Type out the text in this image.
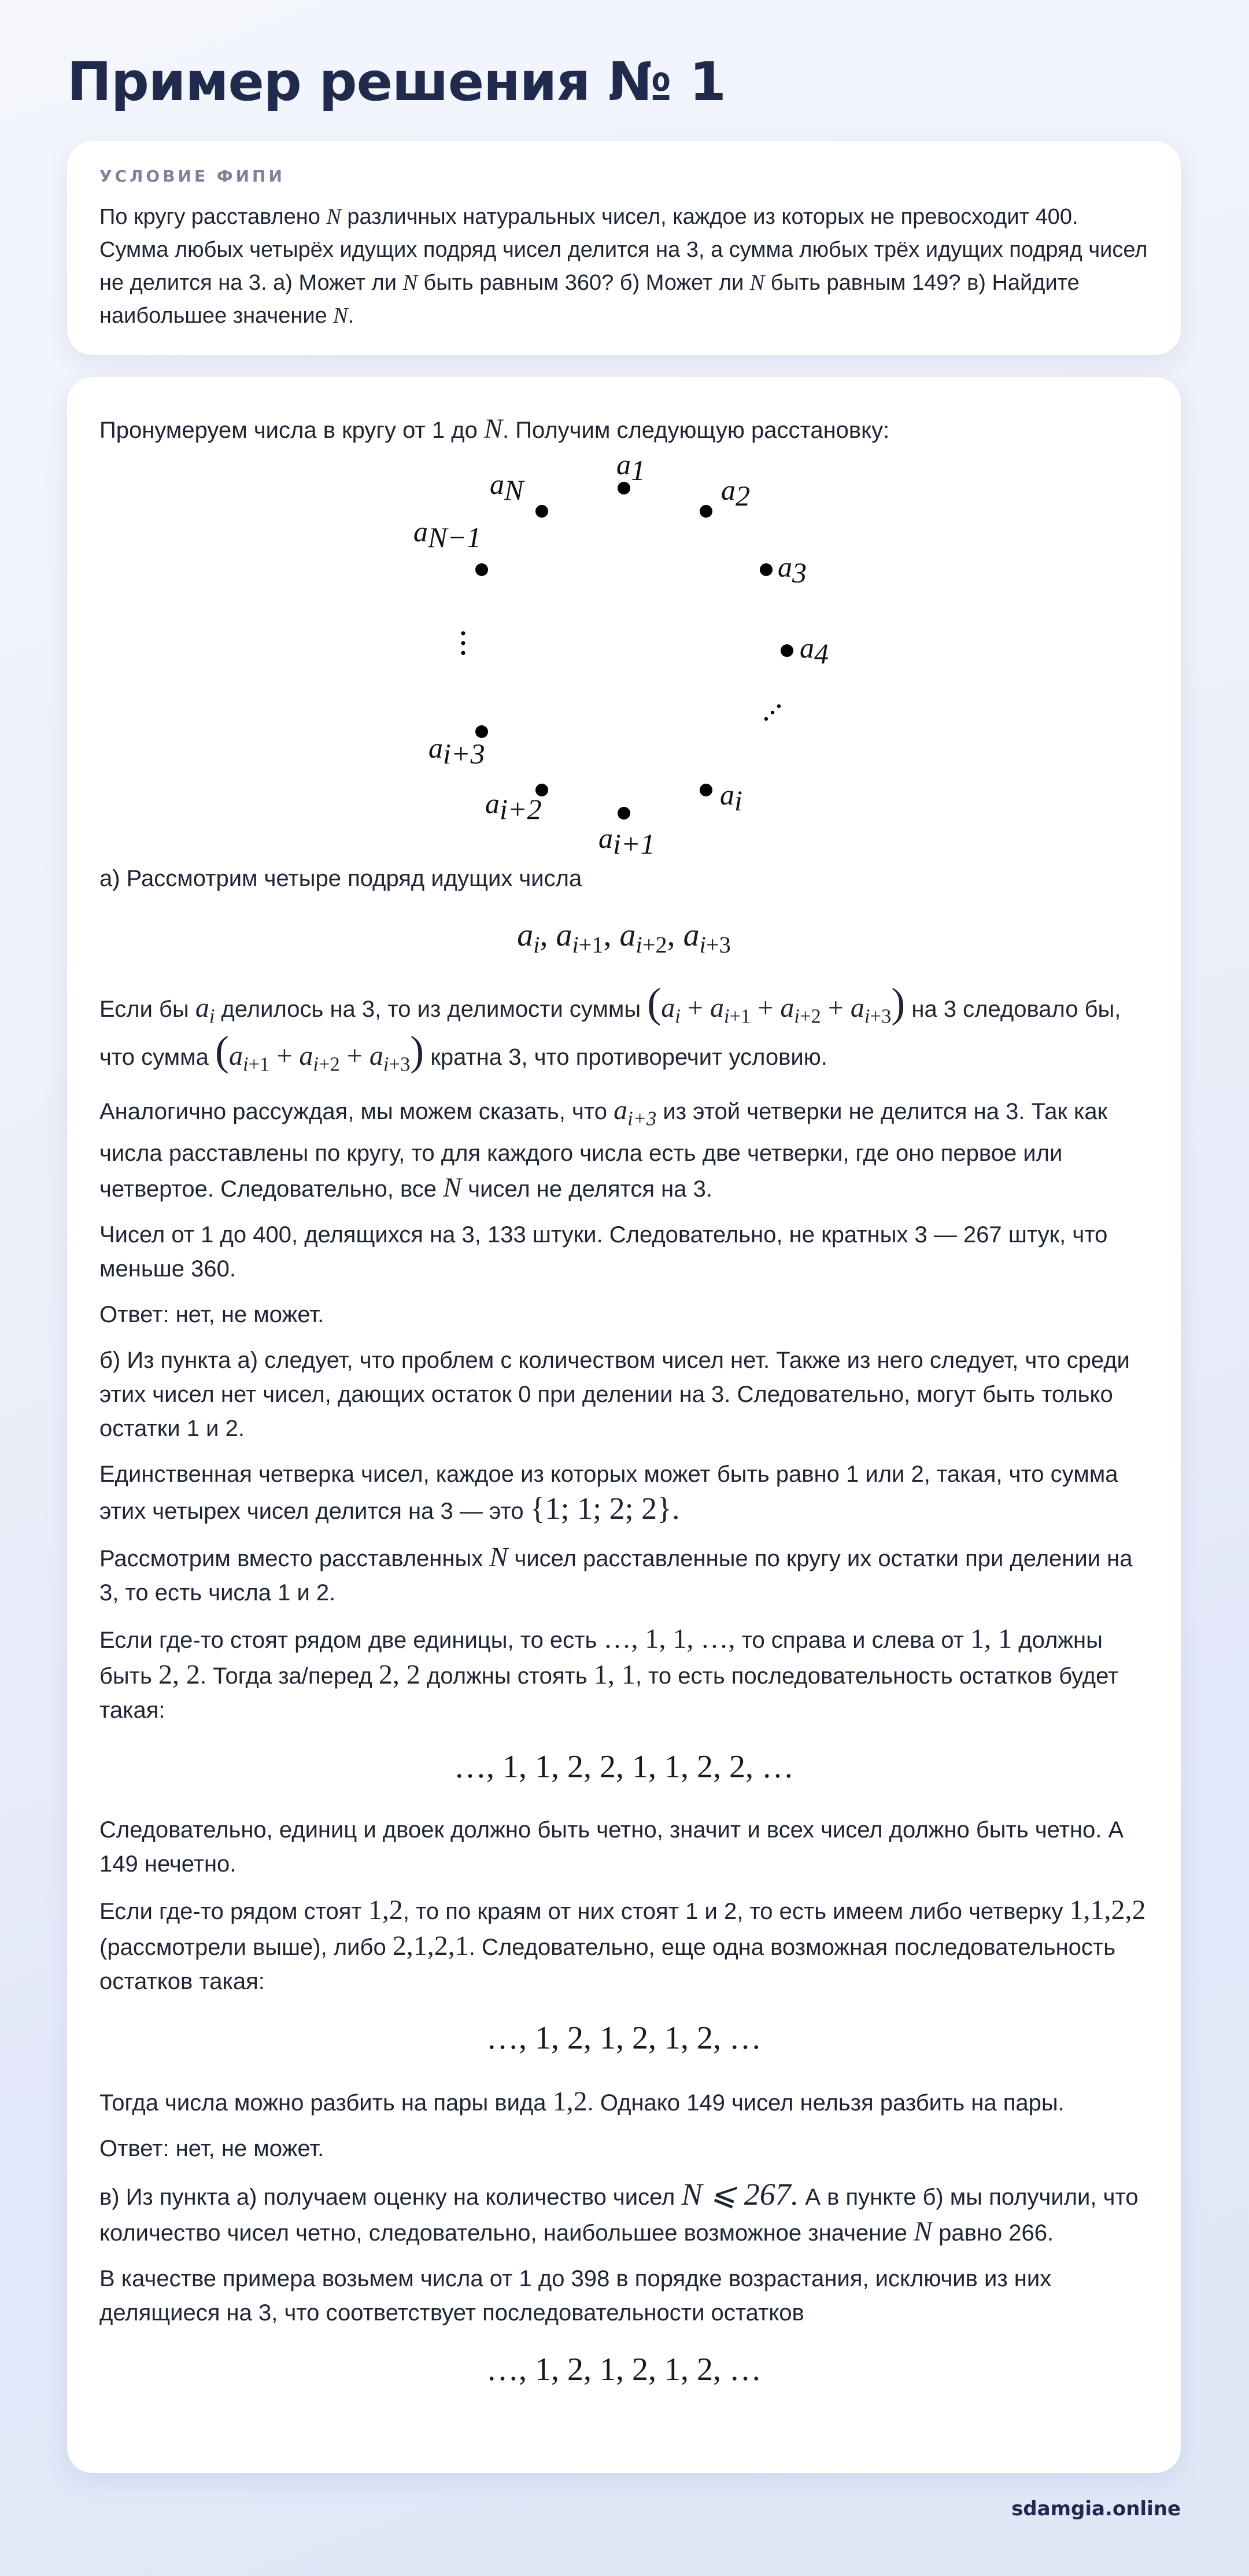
Пример решения № 1
УСЛОВИЕ ФИПИ
По кругу расставлено N различных натуральных чисел, каждое из которых не превосходит 400. Сумма любых четырёх идущих подряд чисел делится на 3, а сумма любых трёх идущих подряд чисел не делится на 3. а) Может ли N быть равным 360? б) Может ли N быть равным 149? в) Найдите наибольшее значение N.

Пронумеруем числа в кругу от 1 до N. Получим следующую расстановку:

a1
a2
a3
a4
ai
ai+1
ai+2
ai+3
aN−1
aN

а) Рассмотрим четыре подряд идущих числа

$a_i$, $a_{i+1}$, $a_{i+2}$, $a_{i+3}$

Если бы $a_i$ делилось на 3, то из делимости суммы $(a_i + a_{i+1} + a_{i+2} + a_{i+3})$ на 3 следовало бы, что сумма $(a_{i+1} + a_{i+2} + a_{i+3})$ кратна 3, что противоречит условию.

Аналогично рассуждая, мы можем сказать, что $a_{i+3}$ из этой четверки не делится на 3. Так как числа расставлены по кругу, то для каждого числа есть две четверки, где оно первое или четвертое. Следовательно, все N чисел не делятся на 3.

Чисел от 1 до 400, делящихся на 3, 133 штуки. Следовательно, не кратных 3 — 267 штук, что меньше 360.

Ответ: нет, не может.

б) Из пункта а) следует, что проблем с количеством чисел нет. Также из него следует, что среди этих чисел нет чисел, дающих остаток 0 при делении на 3. Следовательно, могут быть только остатки 1 и 2.

Единственная четверка чисел, каждое из которых может быть равно 1 или 2, такая, что сумма этих четырех чисел делится на 3 — это {1; 1; 2; 2}.

Рассмотрим вместо расставленных N чисел расставленные по кругу их остатки при делении на 3, то есть числа 1 и 2.

Если где-то стоят рядом две единицы, то есть …, 1, 1, …, то справа и слева от 1, 1 должны быть 2, 2. Тогда за/перед 2, 2 должны стоять 1, 1, то есть последовательность остатков будет такая:

…, 1, 1, 2, 2, 1, 1, 2, 2, …

Следовательно, единиц и двоек должно быть четно, значит и всех чисел должно быть четно. А 149 нечетно.

Если где-то рядом стоят 1,2, то по краям от них стоят 1 и 2, то есть имеем либо четверку 1,1,2,2 (рассмотрели выше), либо 2,1,2,1. Следовательно, еще одна возможная последовательность остатков такая:

…, 1, 2, 1, 2, 1, 2, …

Тогда числа можно разбить на пары вида 1,2. Однако 149 чисел нельзя разбить на пары.

Ответ: нет, не может.

в) Из пункта а) получаем оценку на количество чисел N ⩽ 267. А в пункте б) мы получили, что количество чисел четно, следовательно, наибольшее возможное значение N равно 266.

В качестве примера возьмем числа от 1 до 398 в порядке возрастания, исключив из них делящиеся на 3, что соответствует последовательности остатков

…, 1, 2, 1, 2, 1, 2, …
sdamgia.online
